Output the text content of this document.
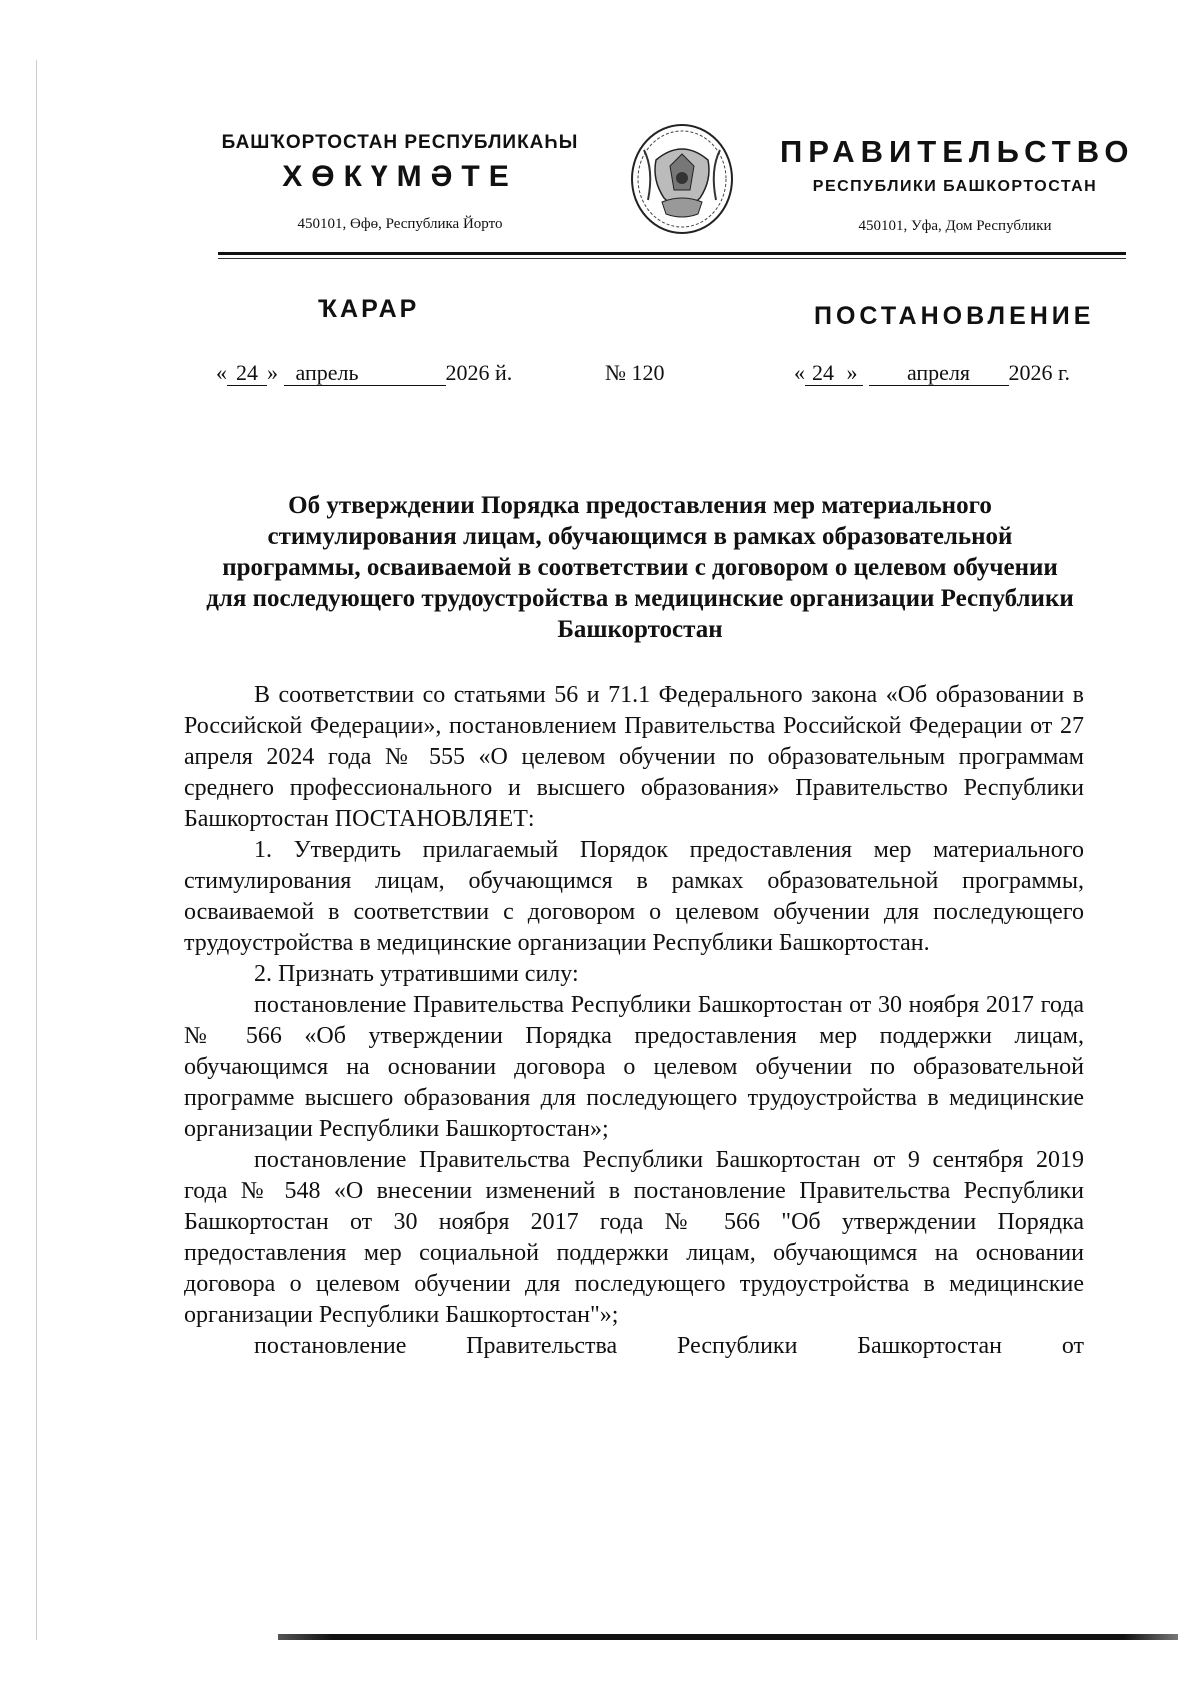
БАШҠОРТОСТАН РЕСПУБЛИКАҺЫ
ХӨКҮМӘТЕ
450101, Өфө, Республика Йорто
ПРАВИТЕЛЬСТВО
РЕСПУБЛИКИ БАШКОРТОСТАН
450101, Уфа, Дом Республики
ҠАРАР	ПОСТАНОВЛЕНИЕ
« 24 » апрель	2026 й.	№ 120	« 24 » апреля 2026 г.
Об утверждении Порядка предоставления мер материального стимулирования лицам, обучающимся в рамках образовательной программы, осваиваемой в соответствии с договором о целевом обучении для последующего трудоустройства в медицинские организации Республики Башкортостан

В соответствии со статьями 56 и 71.1 Федерального закона «Об образовании в Российской Федерации», постановлением Правительства Российской Федерации от 27 апреля 2024 года № 555 «О целевом обучении по образовательным программам среднего профессионального и высшего образования» Правительство Республики Башкортостан ПОСТАНОВЛЯЕТ:

1. Утвердить прилагаемый Порядок предоставления мер материального стимулирования лицам, обучающимся в рамках образовательной программы, осваиваемой в соответствии с договором о целевом обучении для последующего трудоустройства в медицинские организации Республики Башкортостан.

2. Признать утратившими силу:

постановление Правительства Республики Башкортостан от 30 ноября 2017 года № 566 «Об утверждении Порядка предоставления мер поддержки лицам, обучающимся на основании договора о целевом обучении по образовательной программе высшего образования для последующего трудоустройства в медицинские организации Республики Башкортостан»;

постановление Правительства Республики Башкортостан от 9 сентября 2019 года № 548 «О внесении изменений в постановление Правительства Республики Башкортостан от 30 ноября 2017 года № 566 "Об утверждении Порядка предоставления мер социальной поддержки лицам, обучающимся на основании договора о целевом обучении для последующего трудоустройства в медицинские организации Республики Башкортостан"»;

постановление Правительства Республики Башкортостан от
